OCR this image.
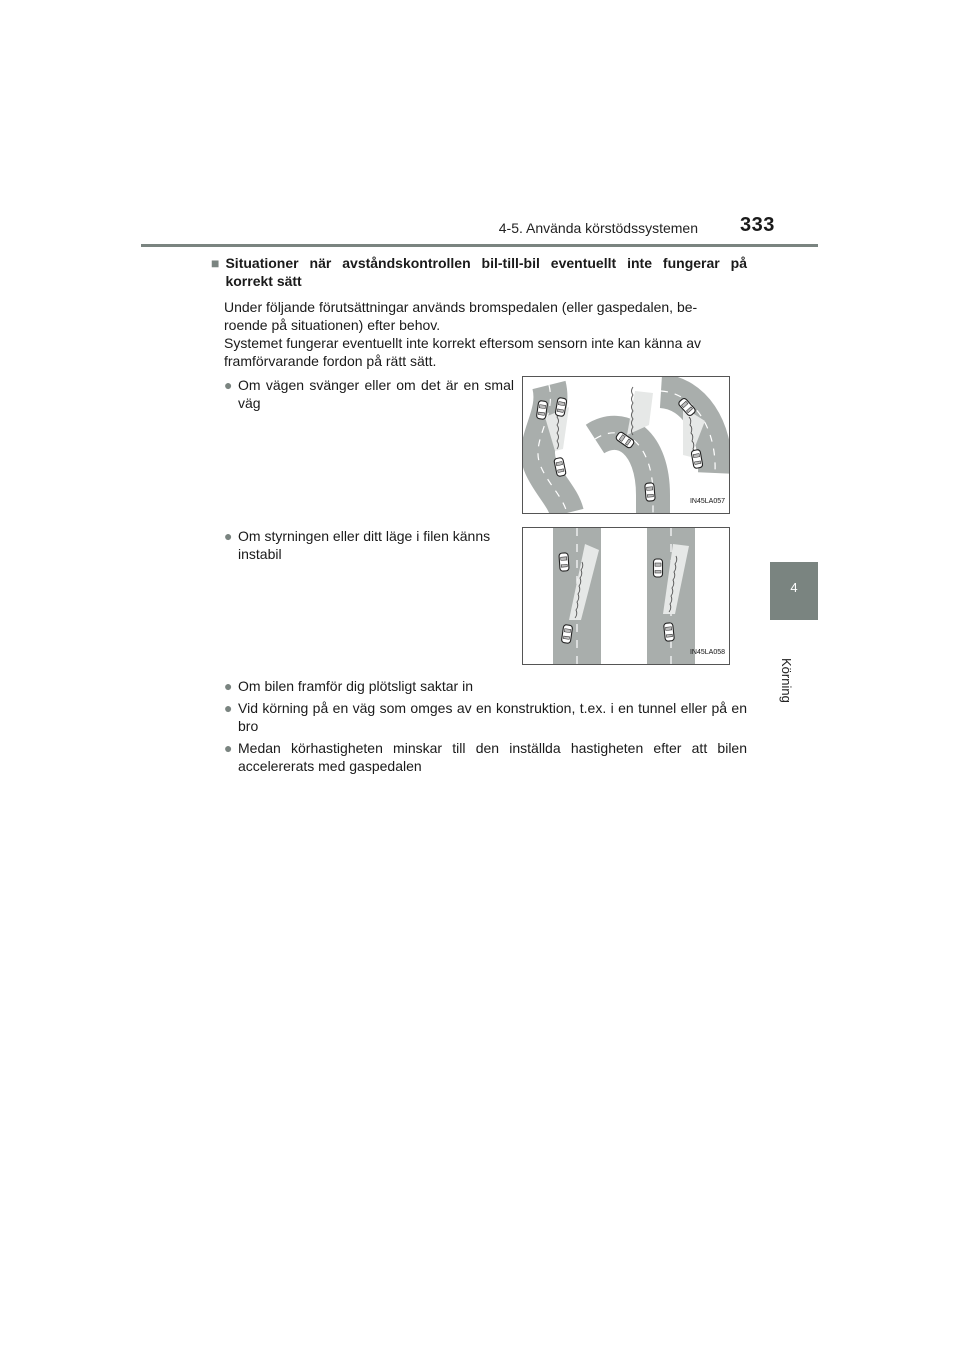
4-5. Använda körstödssystemen 333
4
Körning
■ Situationer när avståndskontrollen bil-till-bil eventuellt inte fungerar på korrekt sätt
Under följande förutsättningar används bromspedalen (eller gaspedalen, be-
roende på situationen) efter behov.
Systemet fungerar eventuellt inte korrekt eftersom sensorn inte kan känna av
framförvarande fordon på rätt sätt.
● Om vägen svänger eller om det är en smal väg
IN45LA057
● Om styrningen eller ditt läge i filen känns instabil
IN45LA058
● Om bilen framför dig plötsligt saktar in
● Vid körning på en väg som omges av en konstruktion, t.ex. i en tunnel eller på en bro
● Medan körhastigheten minskar till den inställda hastigheten efter att bilen accelererats med gaspedalen
